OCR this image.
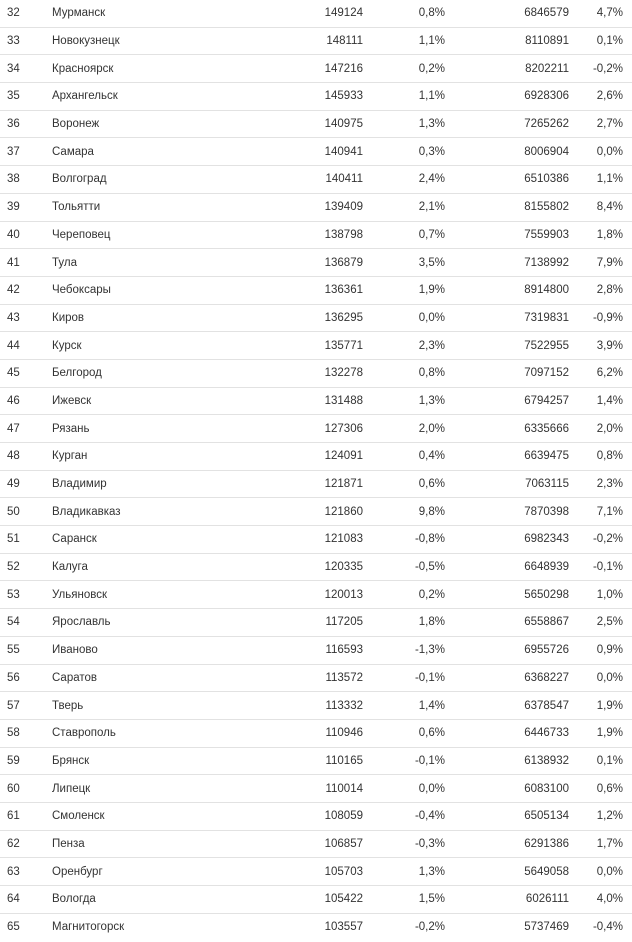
32	Мурманск	149124	0,8%	6846579	4,7%
33	Новокузнецк	148111	1,1%	8110891	0,1%
34	Красноярск	147216	0,2%	8202211	-0,2%
35	Архангельск	145933	1,1%	6928306	2,6%
36	Воронеж	140975	1,3%	7265262	2,7%
37	Самара	140941	0,3%	8006904	0,0%
38	Волгоград	140411	2,4%	6510386	1,1%
39	Тольятти	139409	2,1%	8155802	8,4%
40	Череповец	138798	0,7%	7559903	1,8%
41	Тула	136879	3,5%	7138992	7,9%
42	Чебоксары	136361	1,9%	8914800	2,8%
43	Киров	136295	0,0%	7319831	-0,9%
44	Курск	135771	2,3%	7522955	3,9%
45	Белгород	132278	0,8%	7097152	6,2%
46	Ижевск	131488	1,3%	6794257	1,4%
47	Рязань	127306	2,0%	6335666	2,0%
48	Курган	124091	0,4%	6639475	0,8%
49	Владимир	121871	0,6%	7063115	2,3%
50	Владикавказ	121860	9,8%	7870398	7,1%
51	Саранск	121083	-0,8%	6982343	-0,2%
52	Калуга	120335	-0,5%	6648939	-0,1%
53	Ульяновск	120013	0,2%	5650298	1,0%
54	Ярославль	117205	1,8%	6558867	2,5%
55	Иваново	116593	-1,3%	6955726	0,9%
56	Саратов	113572	-0,1%	6368227	0,0%
57	Тверь	113332	1,4%	6378547	1,9%
58	Ставрополь	110946	0,6%	6446733	1,9%
59	Брянск	110165	-0,1%	6138932	0,1%
60	Липецк	110014	0,0%	6083100	0,6%
61	Смоленск	108059	-0,4%	6505134	1,2%
62	Пенза	106857	-0,3%	6291386	1,7%
63	Оренбург	105703	1,3%	5649058	0,0%
64	Вологда	105422	1,5%	6026111	4,0%
65	Магнитогорск	103557	-0,2%	5737469	-0,4%
